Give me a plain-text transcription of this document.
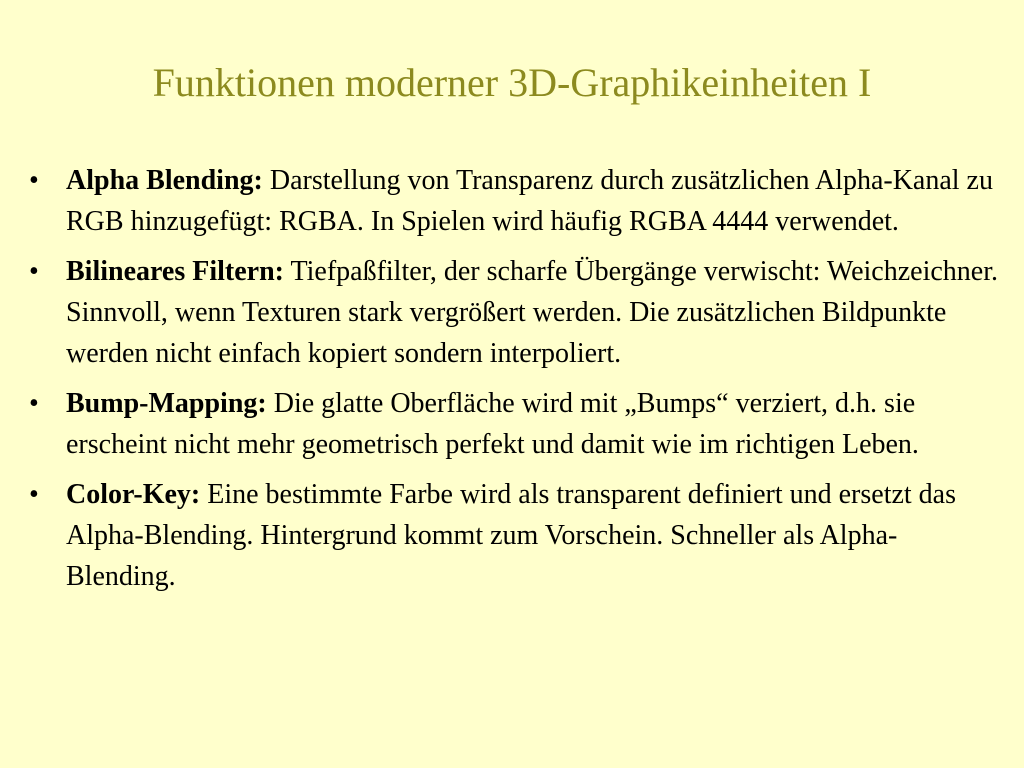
Funktionen moderner 3D-Graphikeinheiten I
• Alpha Blending: Darstellung von Transparenz durch zusätzlichen Alpha-Kanal zu RGB hinzugefügt: RGBA. In Spielen wird häufig RGBA 4444 verwendet.
• Bilineares Filtern: Tiefpaßfilter, der scharfe Übergänge verwischt: Weichzeichner. Sinnvoll, wenn Texturen stark vergrößert werden. Die zusätzlichen Bildpunkte werden nicht einfach kopiert sondern interpoliert.
• Bump-Mapping: Die glatte Oberfläche wird mit „Bumps“ verziert, d.h. sie erscheint nicht mehr geometrisch perfekt und damit wie im richtigen Leben.
• Color-Key: Eine bestimmte Farbe wird als transparent definiert und ersetzt das Alpha-Blending. Hintergrund kommt zum Vorschein. Schneller als Alpha-Blending.
